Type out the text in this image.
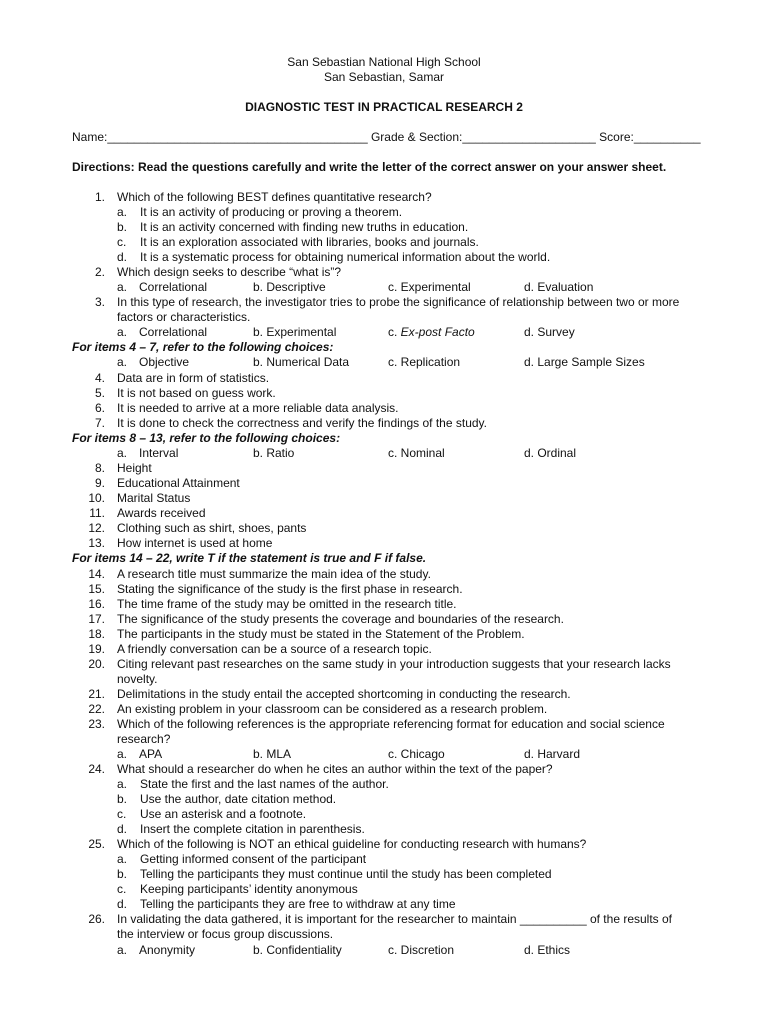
San Sebastian National High School
San Sebastian, Samar
DIAGNOSTIC TEST IN PRACTICAL RESEARCH 2
Name:_______________________________________ Grade & Section:____________________ Score:__________
Directions: Read the questions carefully and write the letter of the correct answer on your answer sheet.
1. Which of the following BEST defines quantitative research?
a. It is an activity of producing or proving a theorem.
b. It is an activity concerned with finding new truths in education.
c. It is an exploration associated with libraries, books and journals.
d. It is a systematic process for obtaining numerical information about the world.
2. Which design seeks to describe “what is”?
a. Correlational	b. Descriptive	c. Experimental	d. Evaluation
3. In this type of research, the investigator tries to probe the significance of relationship between two or more
factors or characteristics.
a. Correlational	b. Experimental	c. Ex-post Facto	d. Survey
For items 4 – 7, refer to the following choices:
a. Objective	b. Numerical Data	c. Replication	d. Large Sample Sizes
4. Data are in form of statistics.
5. It is not based on guess work.
6. It is needed to arrive at a more reliable data analysis.
7. It is done to check the correctness and verify the findings of the study.
For items 8 – 13, refer to the following choices:
a. Interval	b. Ratio	c. Nominal	d. Ordinal
8. Height
9. Educational Attainment
10. Marital Status
11. Awards received
12. Clothing such as shirt, shoes, pants
13. How internet is used at home
For items 14 – 22, write T if the statement is true and F if false.
14. A research title must summarize the main idea of the study.
15. Stating the significance of the study is the first phase in research.
16. The time frame of the study may be omitted in the research title.
17. The significance of the study presents the coverage and boundaries of the research.
18. The participants in the study must be stated in the Statement of the Problem.
19. A friendly conversation can be a source of a research topic.
20. Citing relevant past researches on the same study in your introduction suggests that your research lacks
novelty.
21. Delimitations in the study entail the accepted shortcoming in conducting the research.
22. An existing problem in your classroom can be considered as a research problem.
23. Which of the following references is the appropriate referencing format for education and social science
research?
a. APA	b. MLA	c. Chicago	d. Harvard
24. What should a researcher do when he cites an author within the text of the paper?
a. State the first and the last names of the author.
b. Use the author, date citation method.
c. Use an asterisk and a footnote.
d. Insert the complete citation in parenthesis.
25. Which of the following is NOT an ethical guideline for conducting research with humans?
a. Getting informed consent of the participant
b. Telling the participants they must continue until the study has been completed
c. Keeping participants’ identity anonymous
d. Telling the participants they are free to withdraw at any time
26. In validating the data gathered, it is important for the researcher to maintain __________ of the results of
the interview or focus group discussions.
a. Anonymity	b. Confidentiality	c. Discretion	d. Ethics
